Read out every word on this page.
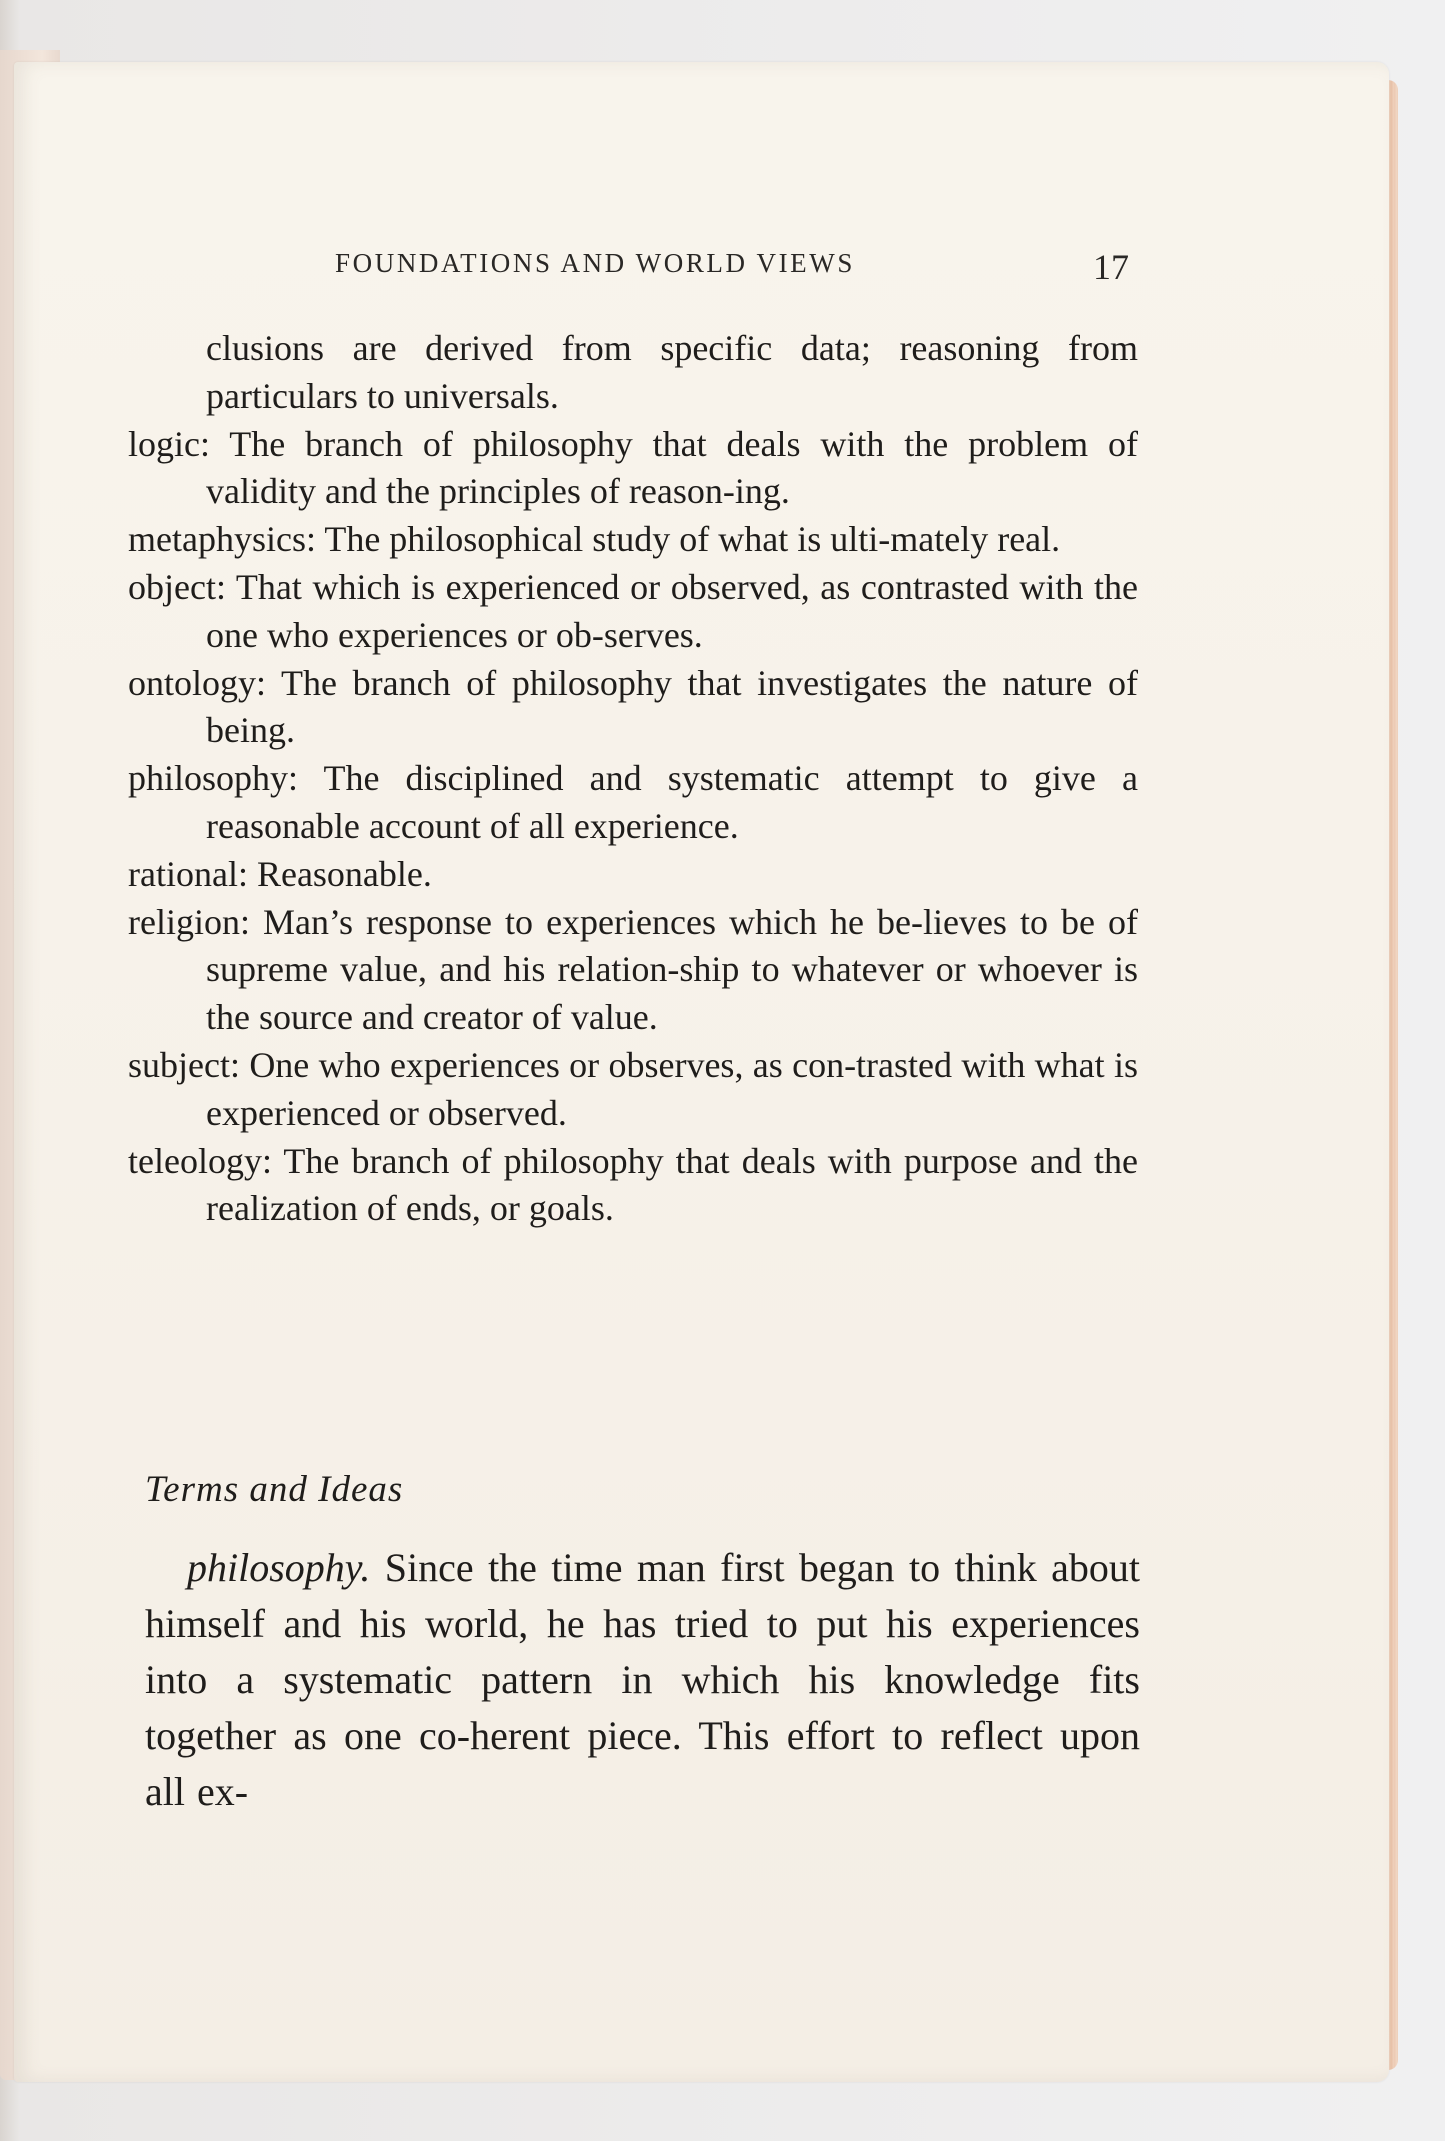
FOUNDATIONS AND WORLD VIEWS	17
clusions are derived from specific data; reasoning from particulars to universals.
logic: The branch of philosophy that deals with the problem of validity and the principles of reason-ing.
metaphysics: The philosophical study of what is ulti-mately real.
object: That which is experienced or observed, as contrasted with the one who experiences or ob-serves.
ontology: The branch of philosophy that investigates the nature of being.
philosophy: The disciplined and systematic attempt to give a reasonable account of all experience.
rational: Reasonable.
religion: Man’s response to experiences which he be-lieves to be of supreme value, and his relation-ship to whatever or whoever is the source and creator of value.
subject: One who experiences or observes, as con-trasted with what is experienced or observed.
teleology: The branch of philosophy that deals with purpose and the realization of ends, or goals.
Terms and Ideas

philosophy. Since the time man first began to think about himself and his world, he has tried to put his experiences into a systematic pattern in which his knowledge fits together as one co-herent piece. This effort to reflect upon all ex-
